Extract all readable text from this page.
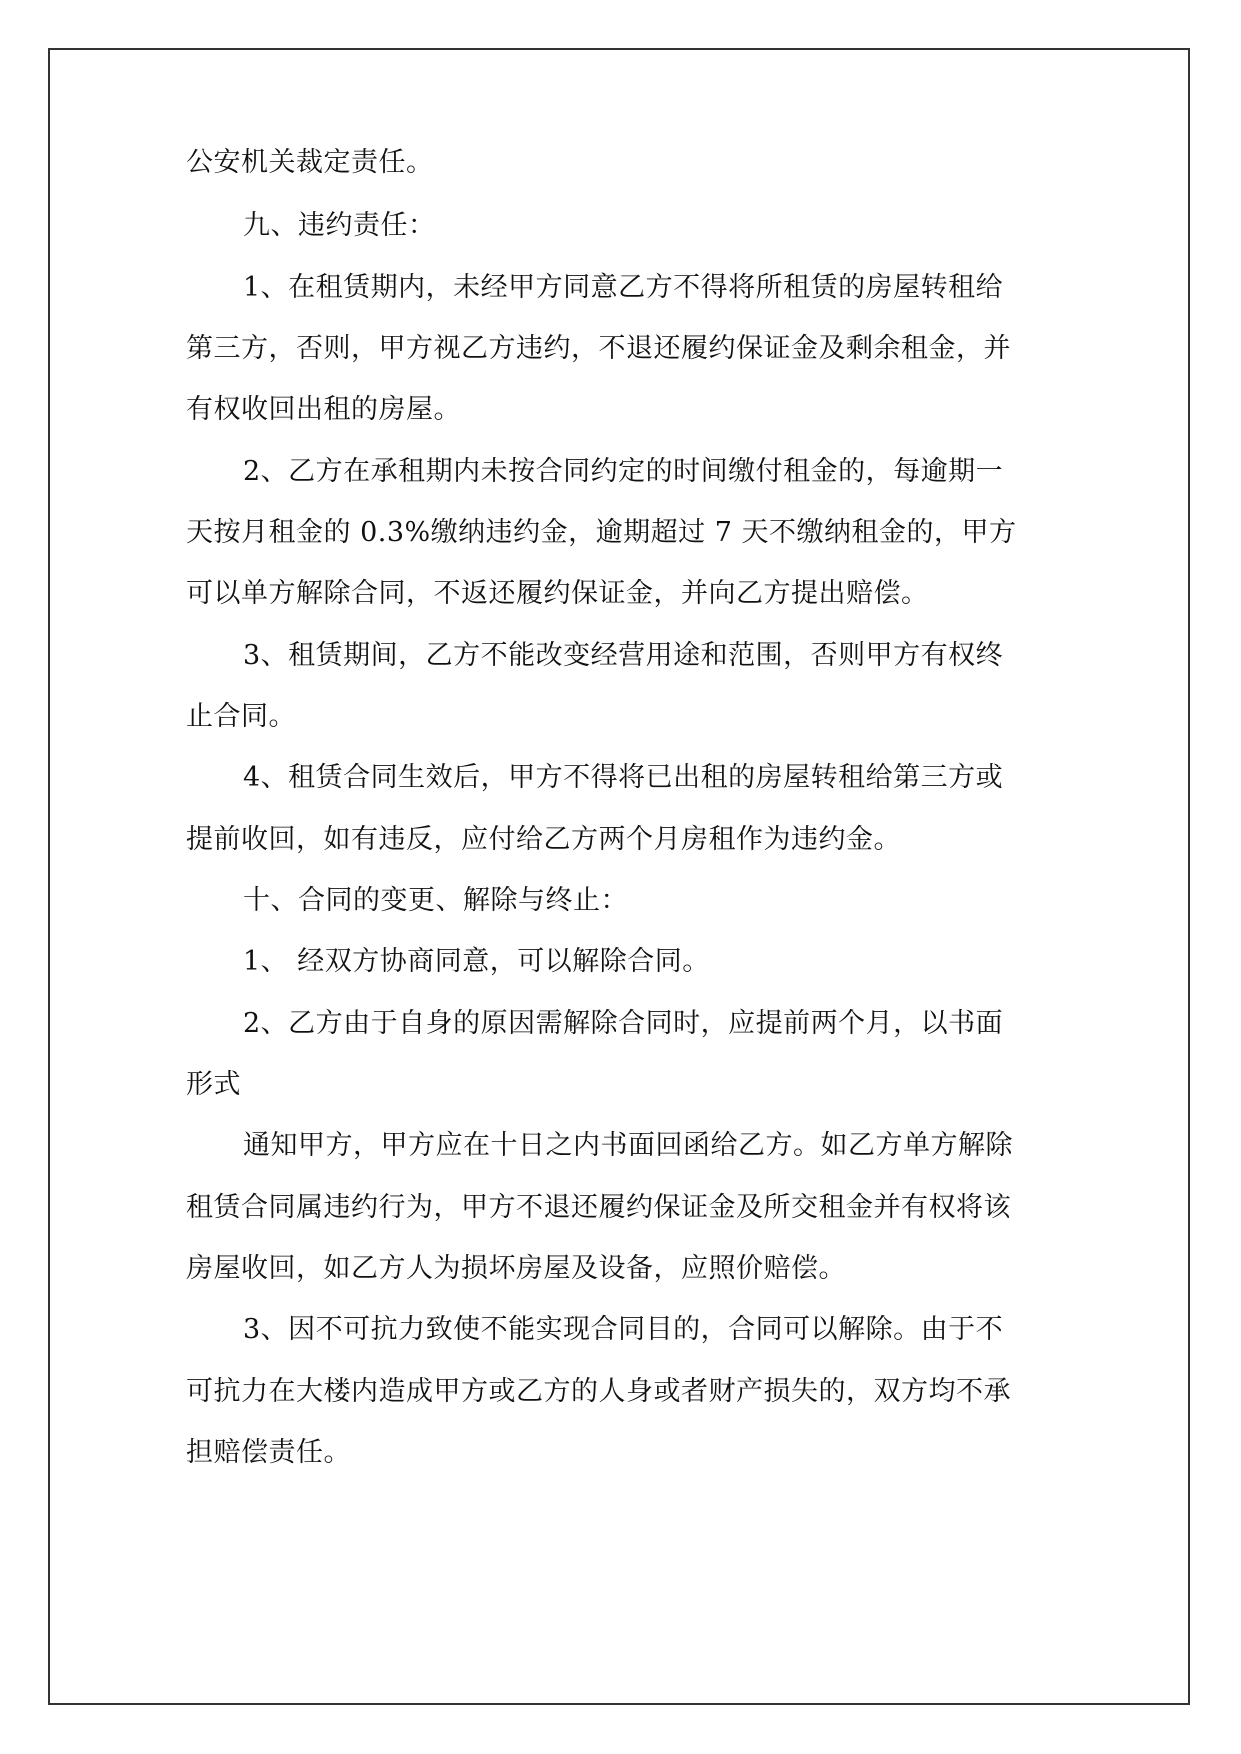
公安机关裁定责任。
九、违约责任：
1、在租赁期内，未经甲方同意乙方不得将所租赁的房屋转租给
第三方，否则，甲方视乙方违约，不退还履约保证金及剩余租金，并
有权收回出租的房屋。
2、乙方在承租期内未按合同约定的时间缴付租金的，每逾期一
天按月租金的 0.3%缴纳违约金，逾期超过 7 天不缴纳租金的，甲方
可以单方解除合同，不返还履约保证金，并向乙方提出赔偿。
3、租赁期间，乙方不能改变经营用途和范围，否则甲方有权终
止合同。
4、租赁合同生效后，甲方不得将已出租的房屋转租给第三方或
提前收回，如有违反，应付给乙方两个月房租作为违约金。
十、合同的变更、解除与终止：
1、 经双方协商同意，可以解除合同。
2、乙方由于自身的原因需解除合同时，应提前两个月，以书面
形式
通知甲方，甲方应在十日之内书面回函给乙方。如乙方单方解除
租赁合同属违约行为，甲方不退还履约保证金及所交租金并有权将该
房屋收回，如乙方人为损坏房屋及设备，应照价赔偿。
3、因不可抗力致使不能实现合同目的，合同可以解除。由于不
可抗力在大楼内造成甲方或乙方的人身或者财产损失的，双方均不承
担赔偿责任。
